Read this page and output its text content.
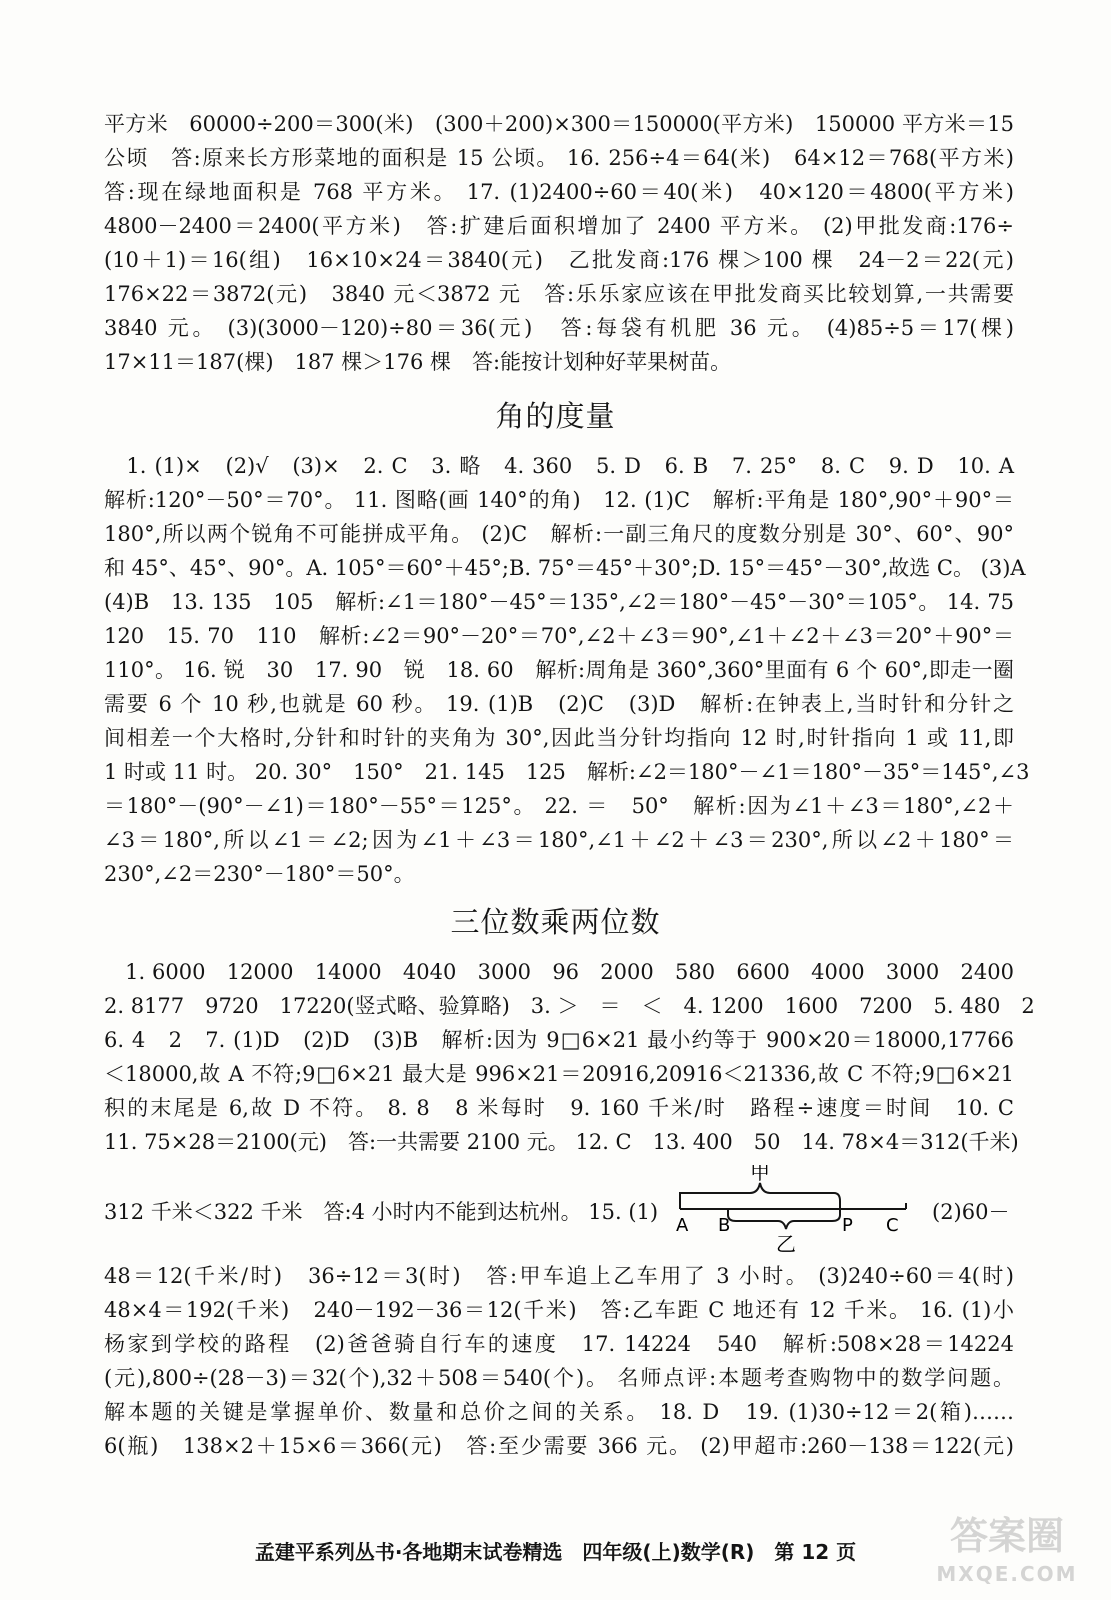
平方米　60000÷200＝300(米)　(300＋200)×300＝150000(平方米)　150000 平方米＝15
公顷　答:原来长方形菜地的面积是 15 公顷。 16. 256÷4＝64(米)　64×12＝768(平方米)
答:现在绿地面积是 768 平方米。 17. (1)2400÷60＝40(米)　40×120＝4800(平方米)
4800－2400＝2400(平方米)　答:扩建后面积增加了 2400 平方米。 (2)甲批发商:176÷
(10＋1)＝16(组)　16×10×24＝3840(元)　乙批发商:176 棵＞100 棵　24－2＝22(元)
176×22＝3872(元)　3840 元＜3872 元　答:乐乐家应该在甲批发商买比较划算,一共需要
3840 元。 (3)(3000－120)÷80＝36(元)　答:每袋有机肥 36 元。 (4)85÷5＝17(棵)
17×11＝187(棵)　187 棵＞176 棵　答:能按计划种好苹果树苗。
角的度量
　1. (1)×　(2)√　(3)×　2. C　3. 略　4. 360　5. D　6. B　7. 25°　8. C　9. D　10. A
解析:120°－50°＝70°。 11. 图略(画 140°的角)　12. (1)C　解析:平角是 180°,90°＋90°＝
180°,所以两个锐角不可能拼成平角。 (2)C　解析:一副三角尺的度数分别是 30°、60°、90°
和 45°、45°、90°。A. 105°＝60°＋45°;B. 75°＝45°＋30°;D. 15°＝45°－30°,故选 C。 (3)A
(4)B　13. 135　105　解析:∠1＝180°－45°＝135°,∠2＝180°－45°－30°＝105°。 14. 75
120　15. 70　110　解析:∠2＝90°－20°＝70°,∠2＋∠3＝90°,∠1＋∠2＋∠3＝20°＋90°＝
110°。 16. 锐　30　17. 90　锐　18. 60　解析:周角是 360°,360°里面有 6 个 60°,即走一圈
需要 6 个 10 秒,也就是 60 秒。 19. (1)B　(2)C　(3)D　解析:在钟表上,当时针和分针之
间相差一个大格时,分针和时针的夹角为 30°,因此当分针均指向 12 时,时针指向 1 或 11,即
1 时或 11 时。 20. 30°　150°　21. 145　125　解析:∠2＝180°－∠1＝180°－35°＝145°,∠3
＝180°－(90°－∠1)＝180°－55°＝125°。 22. ＝　50°　解析:因为∠1＋∠3＝180°,∠2＋
∠3＝180°,所以∠1＝∠2;因为∠1＋∠3＝180°,∠1＋∠2＋∠3＝230°,所以∠2＋180°＝
230°,∠2＝230°－180°＝50°。
三位数乘两位数
　1. 6000　12000　14000　4040　3000　96　2000　580　6600　4000　3000　2400
2. 8177　9720　17220(竖式略、验算略)　3. ＞　＝　＜　4. 1200　1600　7200　5. 480　2
6. 4　2　7. (1)D　(2)D　(3)B　解析:因为 9□6×21 最小约等于 900×20＝18000,17766
＜18000,故 A 不符;9□6×21 最大是 996×21＝20916,20916＜21336,故 C 不符;9□6×21
积的末尾是 6,故 D 不符。 8. 8　8 米每时　9. 160 千米/时　路程÷速度＝时间　10. C
11. 75×28＝2100(元)　答:一共需要 2100 元。 12. C　13. 400　50　14. 78×4＝312(千米)
312 千米＜322 千米　答:4 小时内不能到达杭州。 15. (1)	(2)60－
甲
乙
A B	P C
48＝12(千米/时)　36÷12＝3(时)　答:甲车追上乙车用了 3 小时。 (3)240÷60＝4(时)
48×4＝192(千米)　240－192－36＝12(千米)　答:乙车距 C 地还有 12 千米。 16. (1)小
杨家到学校的路程　(2)爸爸骑自行车的速度　17. 14224　540　解析:508×28＝14224
(元),800÷(28－3)＝32(个),32＋508＝540(个)。 名师点评:本题考查购物中的数学问题。
解本题的关键是掌握单价、数量和总价之间的关系。 18. D　19. (1)30÷12＝2(箱)……
6(瓶)　138×2＋15×6＝366(元)　答:至少需要 366 元。 (2)甲超市:260－138＝122(元)
孟建平系列丛书·各地期末试卷精选　四年级(上)数学(R)　第 12 页	答案圈
MXQE.COM
